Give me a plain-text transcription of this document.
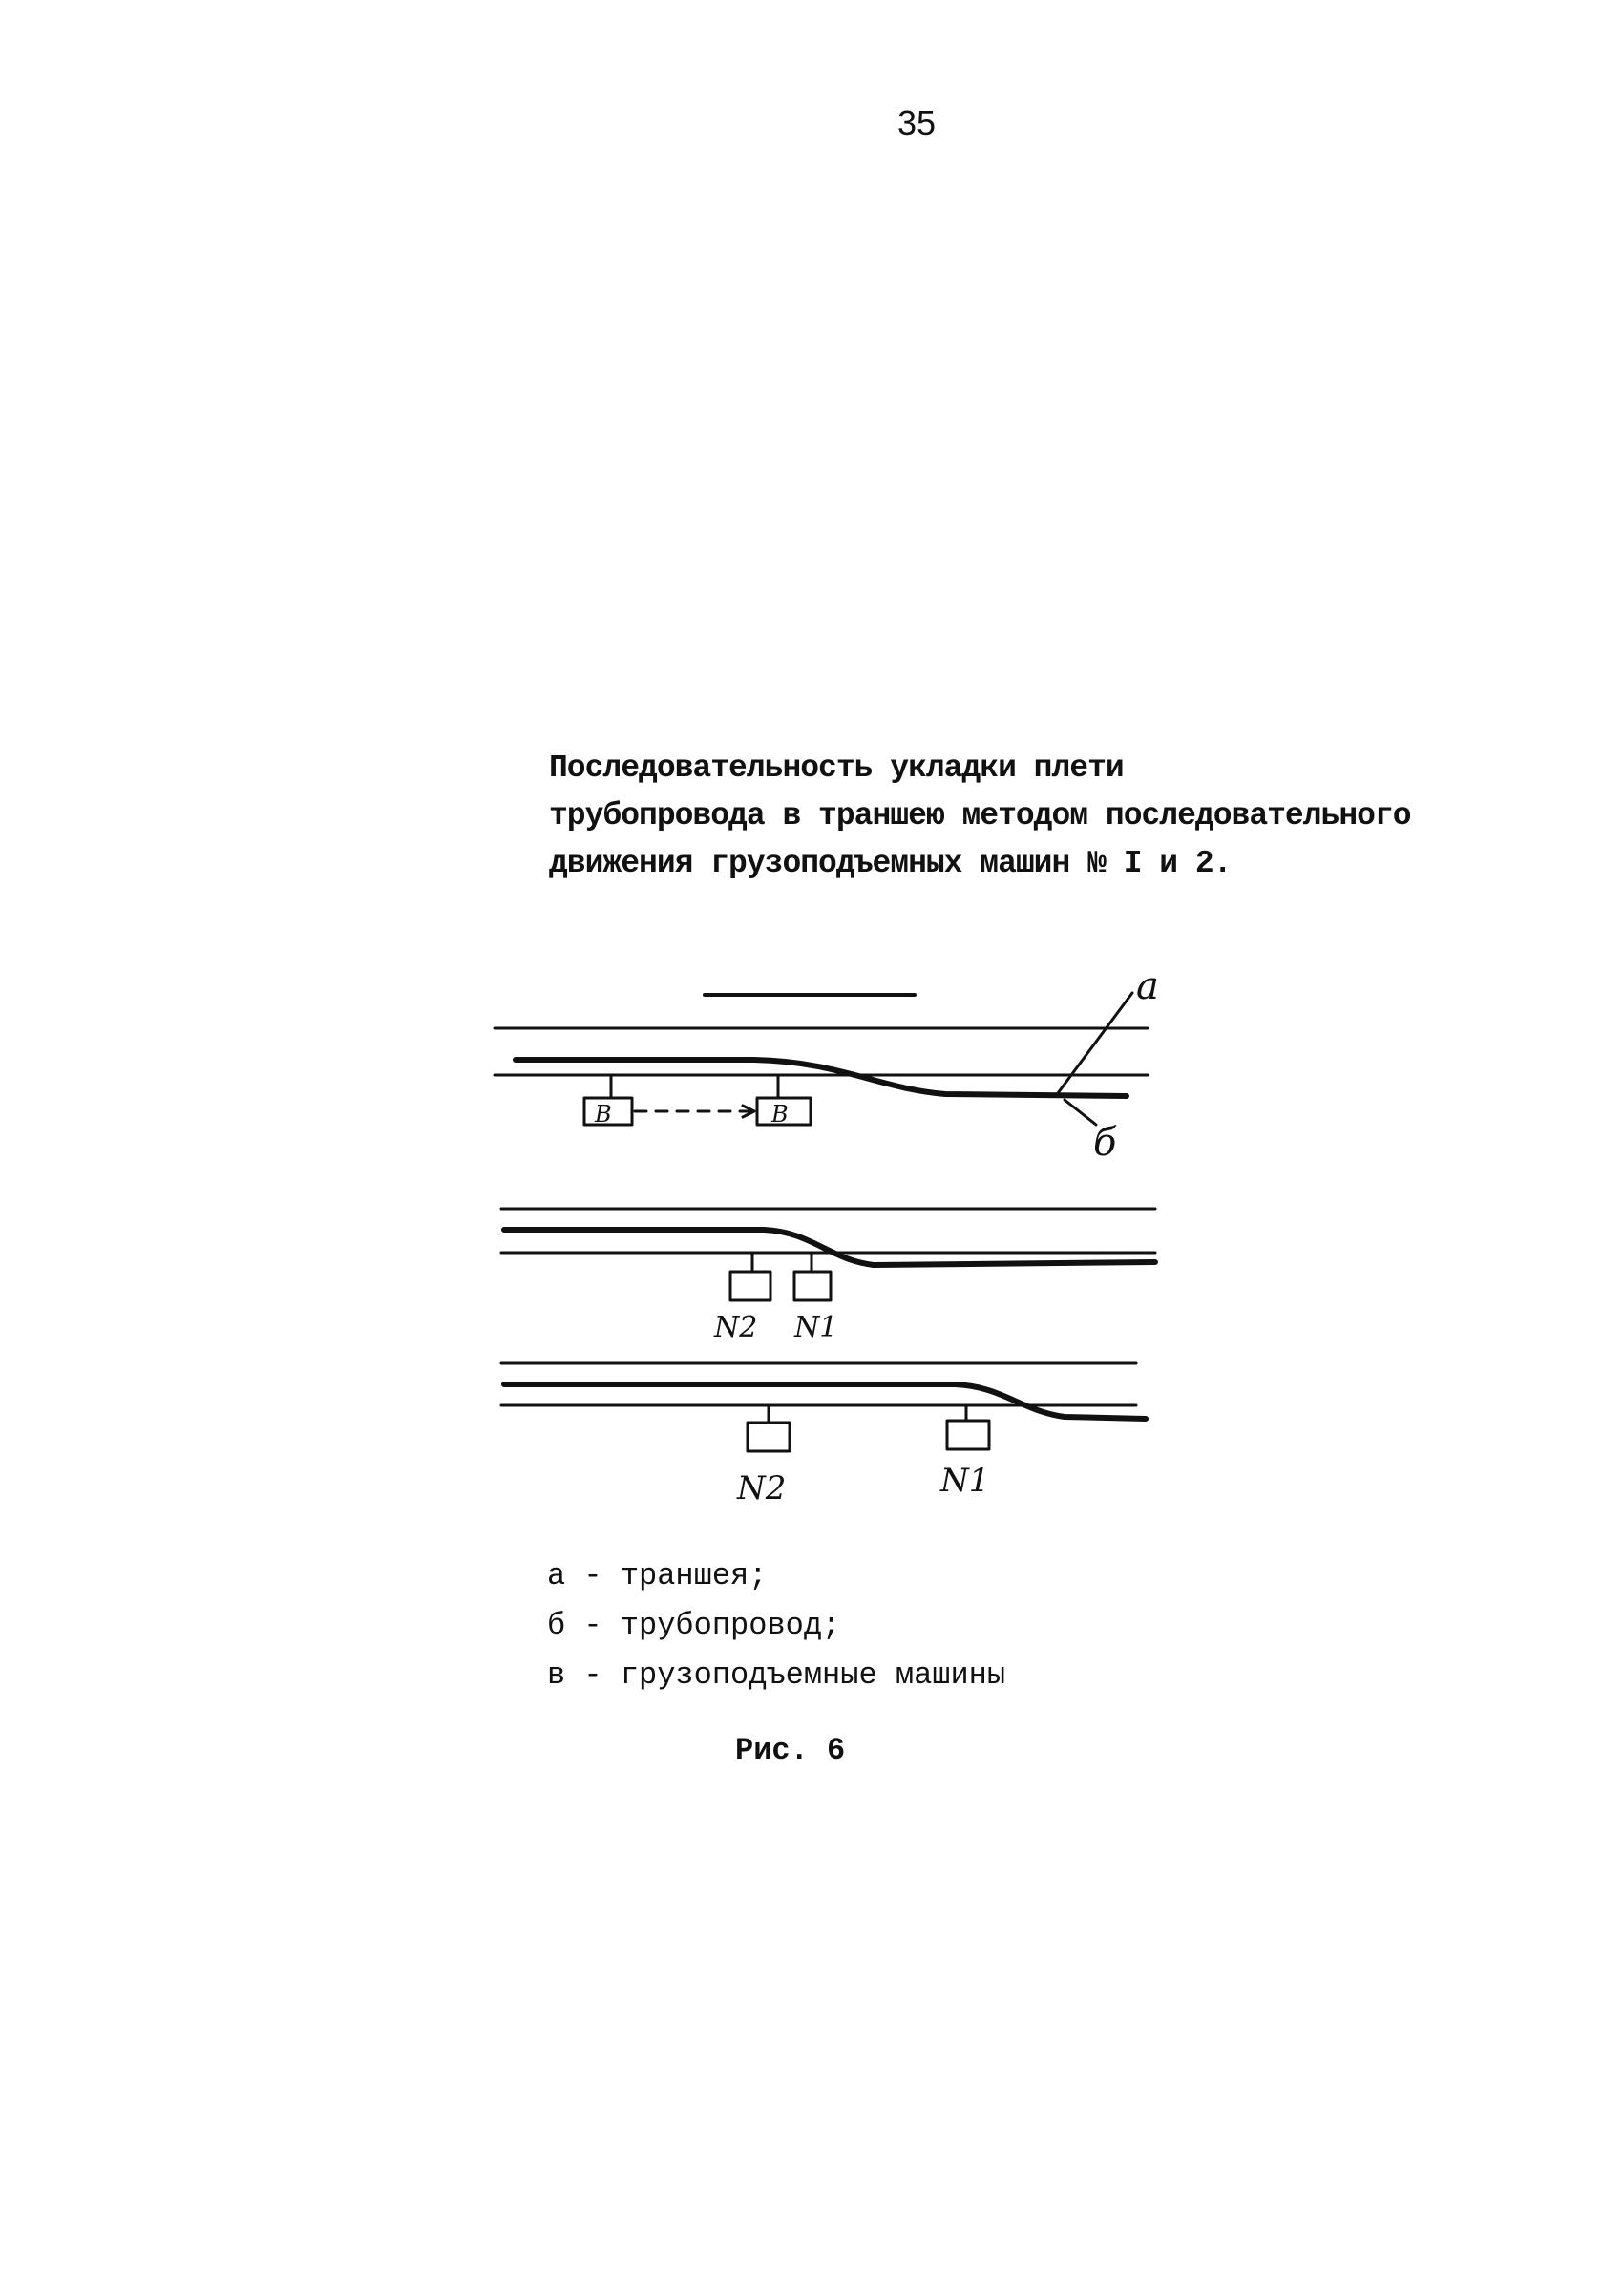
35
Последовательность укладки плети
трубопровода в траншею методом последовательного
движения грузоподъемных машин № I и 2.
а
б
В	В
N2 N1
N2	N1
а - траншея;
б - трубопровод;
в - грузоподъемные машины
Рис. 6
